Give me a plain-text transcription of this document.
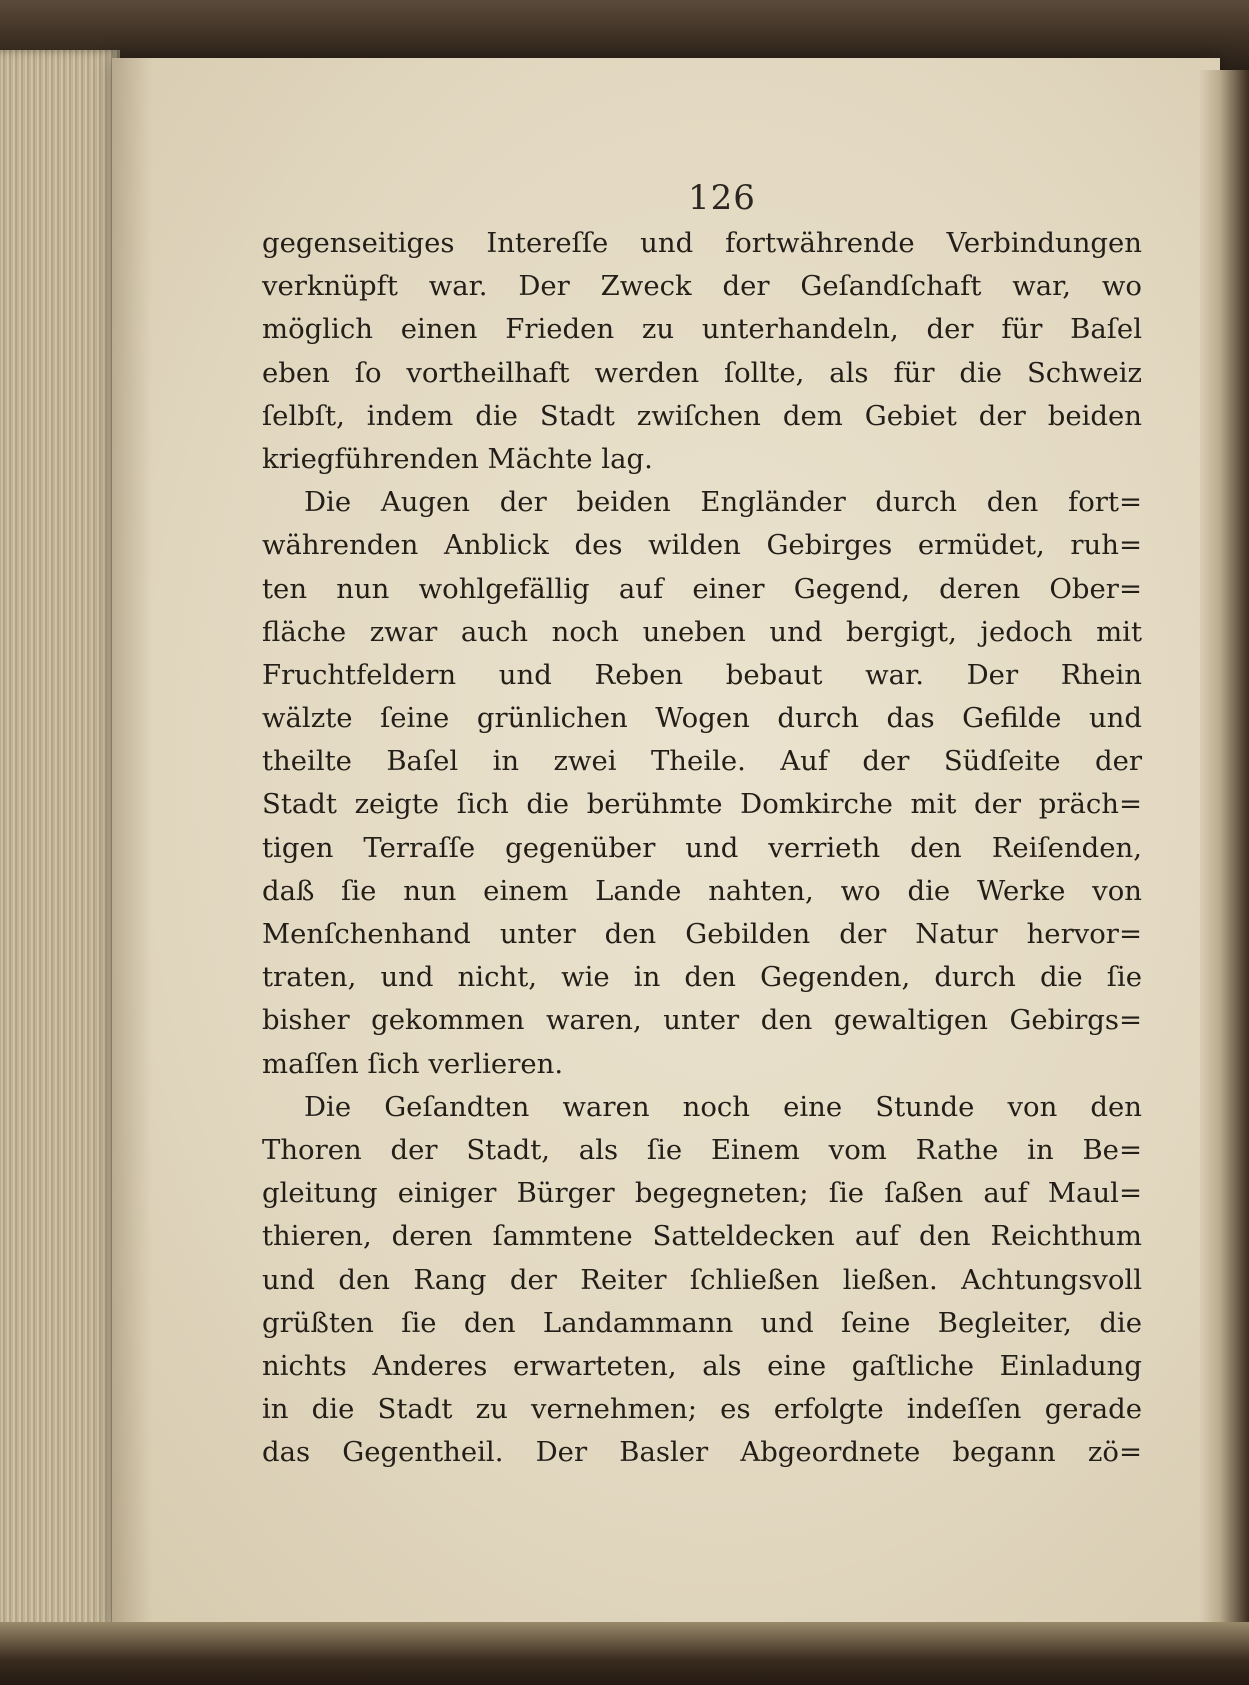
126
gegenseitiges Intereſſe und fortwährende Verbindungen
verknüpft war. Der Zweck der Geſandſchaft war, wo
möglich einen Frieden zu unterhandeln, der für Baſel
eben ſo vortheilhaft werden ſollte, als für die Schweiz
ſelbſt, indem die Stadt zwiſchen dem Gebiet der beiden
kriegführenden Mächte lag.
Die Augen der beiden Engländer durch den fort=
währenden Anblick des wilden Gebirges ermüdet, ruh=
ten nun wohlgefällig auf einer Gegend, deren Ober=
fläche zwar auch noch uneben und bergigt, jedoch mit
Fruchtfeldern und Reben bebaut war. Der Rhein
wälzte ſeine grünlichen Wogen durch das Gefilde und
theilte Baſel in zwei Theile. Auf der Südſeite der
Stadt zeigte ſich die berühmte Domkirche mit der präch=
tigen Terraſſe gegenüber und verrieth den Reiſenden,
daß ſie nun einem Lande nahten, wo die Werke von
Menſchenhand unter den Gebilden der Natur hervor=
traten, und nicht, wie in den Gegenden, durch die ſie
bisher gekommen waren, unter den gewaltigen Gebirgs=
maſſen ſich verlieren.
Die Geſandten waren noch eine Stunde von den
Thoren der Stadt, als ſie Einem vom Rathe in Be=
gleitung einiger Bürger begegneten; ſie ſaßen auf Maul=
thieren, deren ſammtene Satteldecken auf den Reichthum
und den Rang der Reiter ſchließen ließen. Achtungsvoll
grüßten ſie den Landammann und ſeine Begleiter, die
nichts Anderes erwarteten, als eine gaſtliche Einladung
in die Stadt zu vernehmen; es erfolgte indeſſen gerade
das Gegentheil. Der Basler Abgeordnete begann zö=
